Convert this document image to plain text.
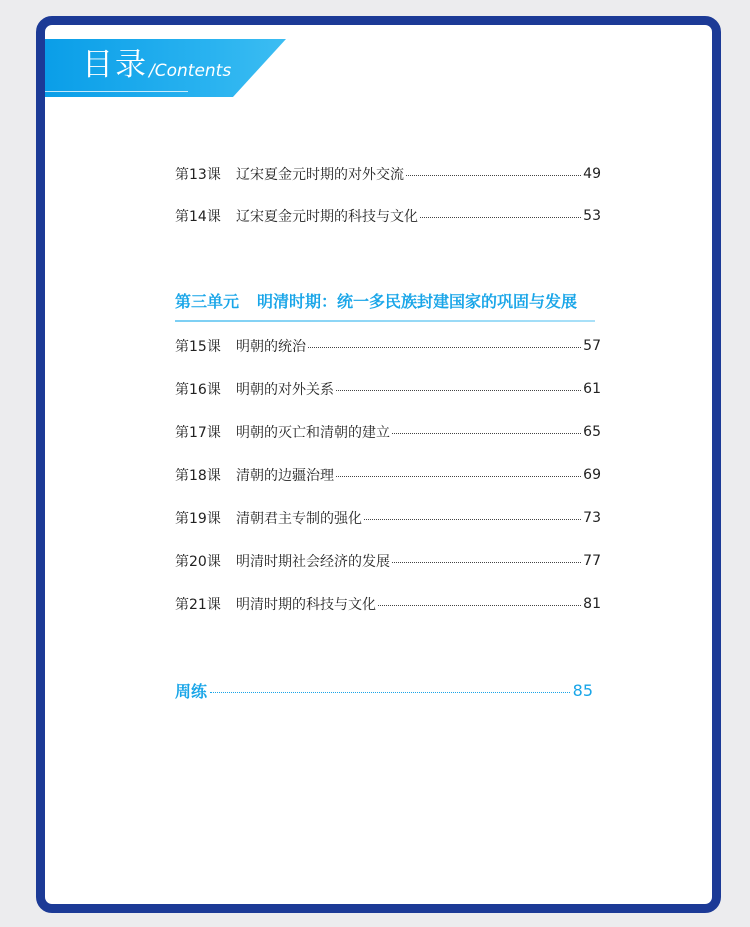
目录 /Contents
第13课	辽宋夏金元时期的对外交流	49
第14课	辽宋夏金元时期的科技与文化	53
第三单元 明清时期：统一多民族封建国家的巩固与发展
第15课	明朝的统治	57
第16课	明朝的对外关系	61
第17课	明朝的灭亡和清朝的建立	65
第18课	清朝的边疆治理	69
第19课	清朝君主专制的强化	73
第20课	明清时期社会经济的发展	77
第21课	明清时期的科技与文化	81
周练	85
